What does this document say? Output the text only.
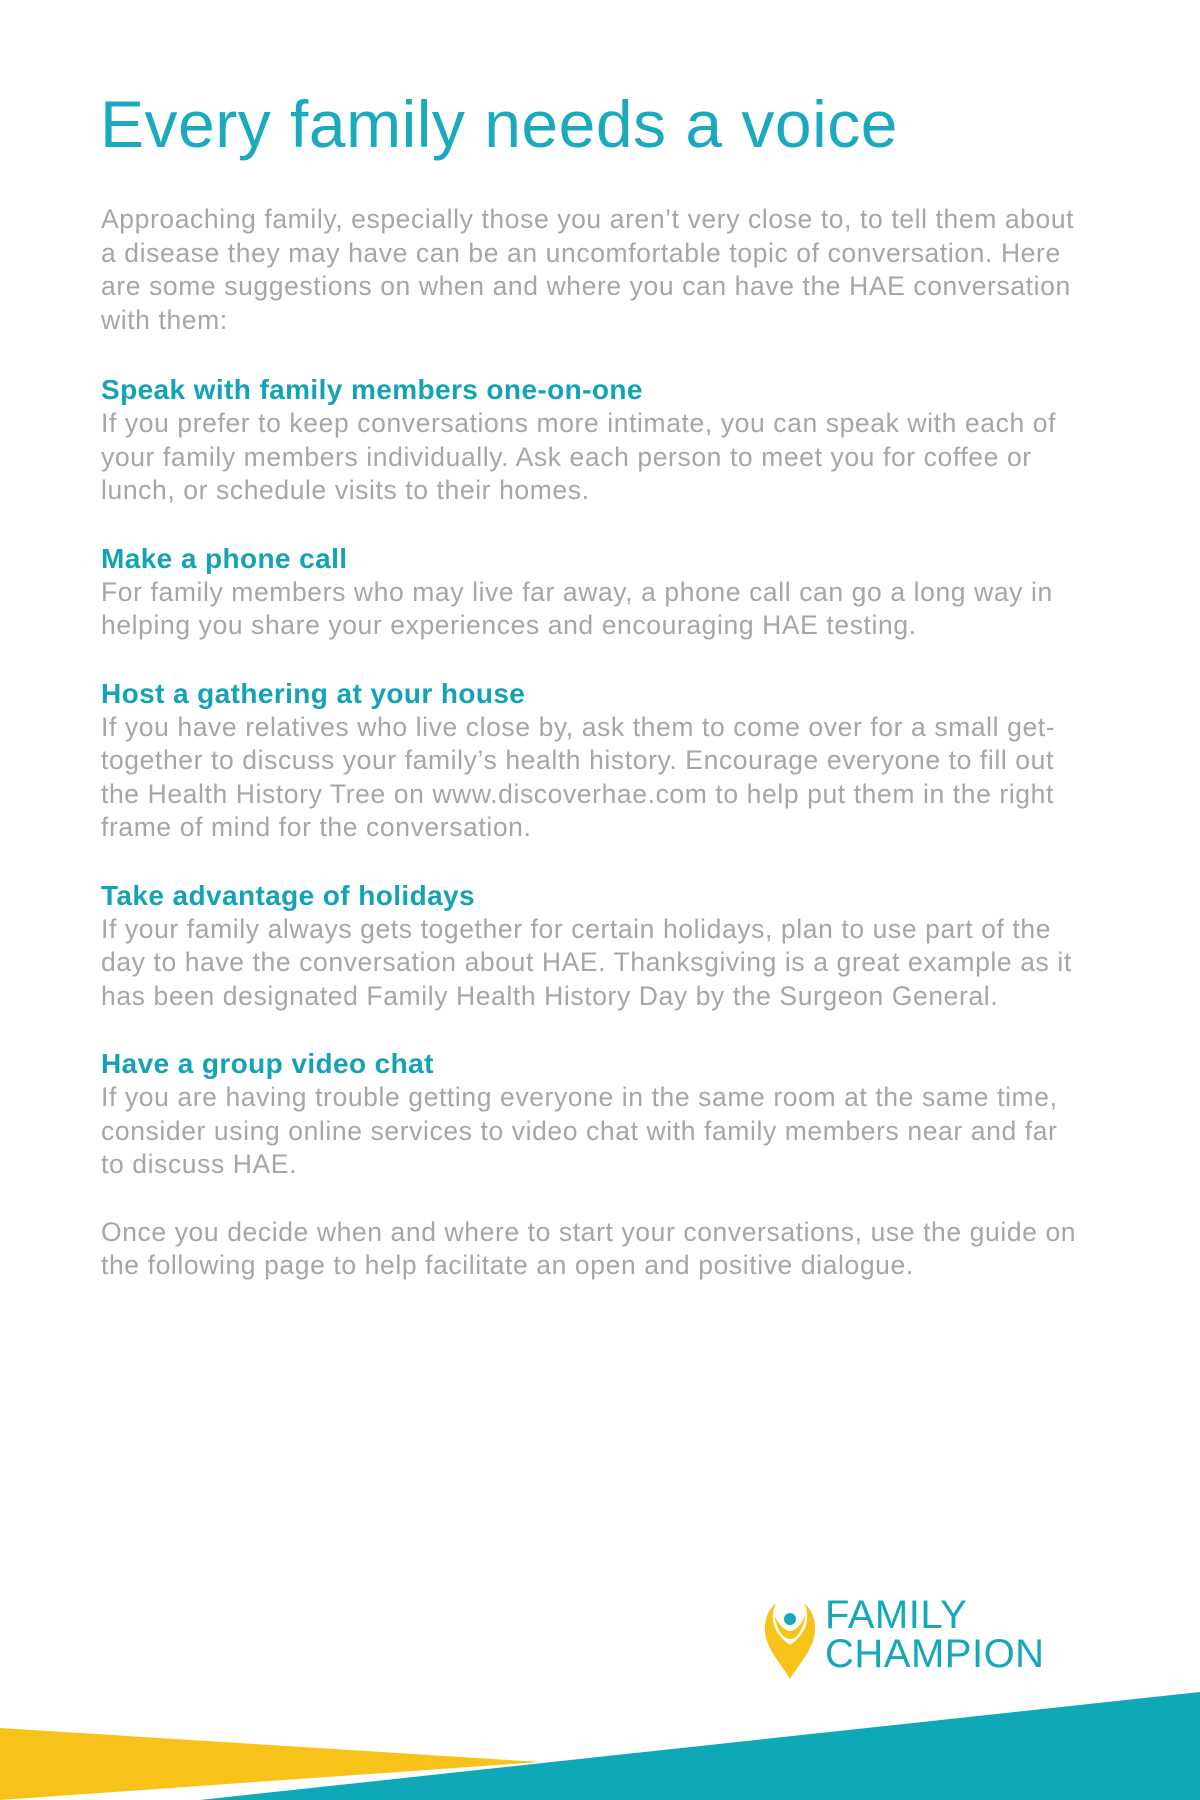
Every family needs a voice

Approaching family, especially those you aren’t very close to, to tell them about a disease they may have can be an uncomfortable topic of conversation. Here are some suggestions on when and where you can have the HAE conversation with them:

Speak with family members one-on-one

If you prefer to keep conversations more intimate, you can speak with each of your family members individually. Ask each person to meet you for coffee or lunch, or schedule visits to their homes.

Make a phone call

For family members who may live far away, a phone call can go a long way in helping you share your experiences and encouraging HAE testing.

Host a gathering at your house

If you have relatives who live close by, ask them to come over for a small get-together to discuss your family’s health history. Encourage everyone to fill out the Health History Tree on www.discoverhae.com to help put them in the right frame of mind for the conversation.

Take advantage of holidays

If your family always gets together for certain holidays, plan to use part of the day to have the conversation about HAE. Thanksgiving is a great example as it has been designated Family Health History Day by the Surgeon General.

Have a group video chat

If you are having trouble getting everyone in the same room at the same time, consider using online services to video chat with family members near and far to discuss HAE.

Once you decide when and where to start your conversations, use the guide on the following page to help facilitate an open and positive dialogue.

FAMILY
CHAMPION
